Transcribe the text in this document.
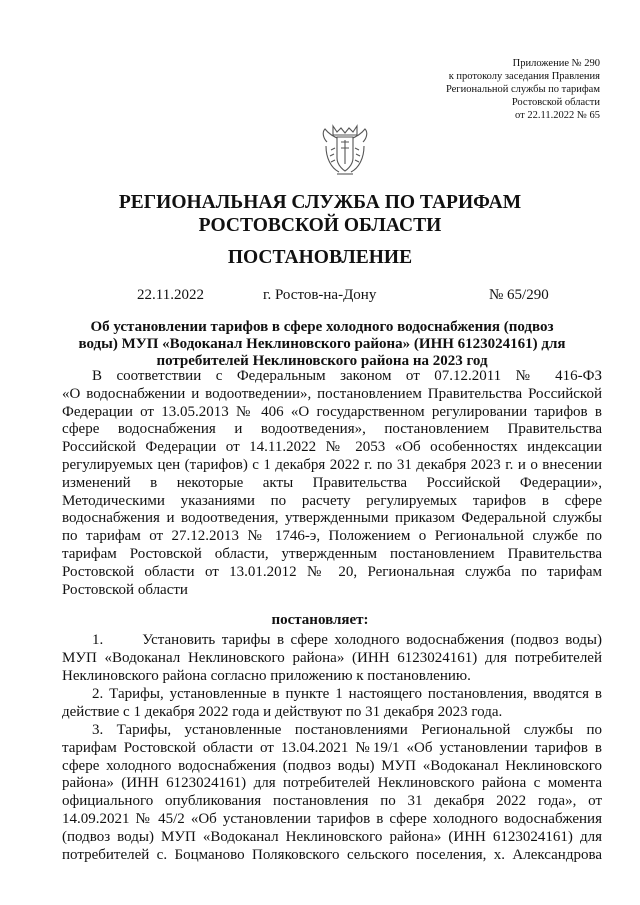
Приложение № 290
к протоколу заседания Правления
Региональной службы по тарифам
Ростовской области
от 22.11.2022 № 65
РЕГИОНАЛЬНАЯ СЛУЖБА ПО ТАРИФАМ
РОСТОВСКОЙ ОБЛАСТИ
ПОСТАНОВЛЕНИЕ
22.11.2022	г. Ростов-на-Дону	№ 65/290
Об установлении тарифов в сфере холодного водоснабжения (подвоз
воды) МУП «Водоканал Неклиновского района» (ИНН 6123024161) для
потребителей Неклиновского района на 2023 год
В соответствии с Федеральным законом от 07.12.2011 № 416-ФЗ
«О водоснабжении и водоотведении», постановлением Правительства Российской
Федерации от 13.05.2013 № 406 «О государственном регулировании тарифов в
сфере водоснабжения и водоотведения», постановлением Правительства
Российской Федерации от 14.11.2022 № 2053 «Об особенностях индексации
регулируемых цен (тарифов) с 1 декабря 2022 г. по 31 декабря 2023 г. и о внесении
изменений в некоторые акты Правительства Российской Федерации»,
Методическими указаниями по расчету регулируемых тарифов в сфере
водоснабжения и водоотведения, утвержденными приказом Федеральной службы
по тарифам от 27.12.2013 № 1746-э, Положением о Региональной службе по
тарифам Ростовской области, утвержденным постановлением Правительства
Ростовской области от 13.01.2012 № 20, Региональная служба по тарифам
Ростовской области
постановляет:
1.      Установить тарифы в сфере холодного водоснабжения (подвоз воды)
МУП «Водоканал Неклиновского района» (ИНН 6123024161) для потребителей
Неклиновского района согласно приложению к постановлению.
2. Тарифы, установленные в пункте 1 настоящего постановления, вводятся в
действие с 1 декабря 2022 года и действуют по 31 декабря 2023 года.
3. Тарифы, установленные постановлениями Региональной службы по
тарифам Ростовской области от 13.04.2021 №19/1 «Об установлении тарифов в
сфере холодного водоснабжения (подвоз воды) МУП «Водоканал Неклиновского
района» (ИНН 6123024161) для потребителей Неклиновского района с момента
официального опубликования постановления по 31 декабря 2022 года», от
14.09.2021 № 45/2 «Об установлении тарифов в сфере холодного водоснабжения
(подвоз воды) МУП «Водоканал Неклиновского района» (ИНН 6123024161) для
потребителей с. Боцманово Поляковского сельского поселения, х. Александрова
